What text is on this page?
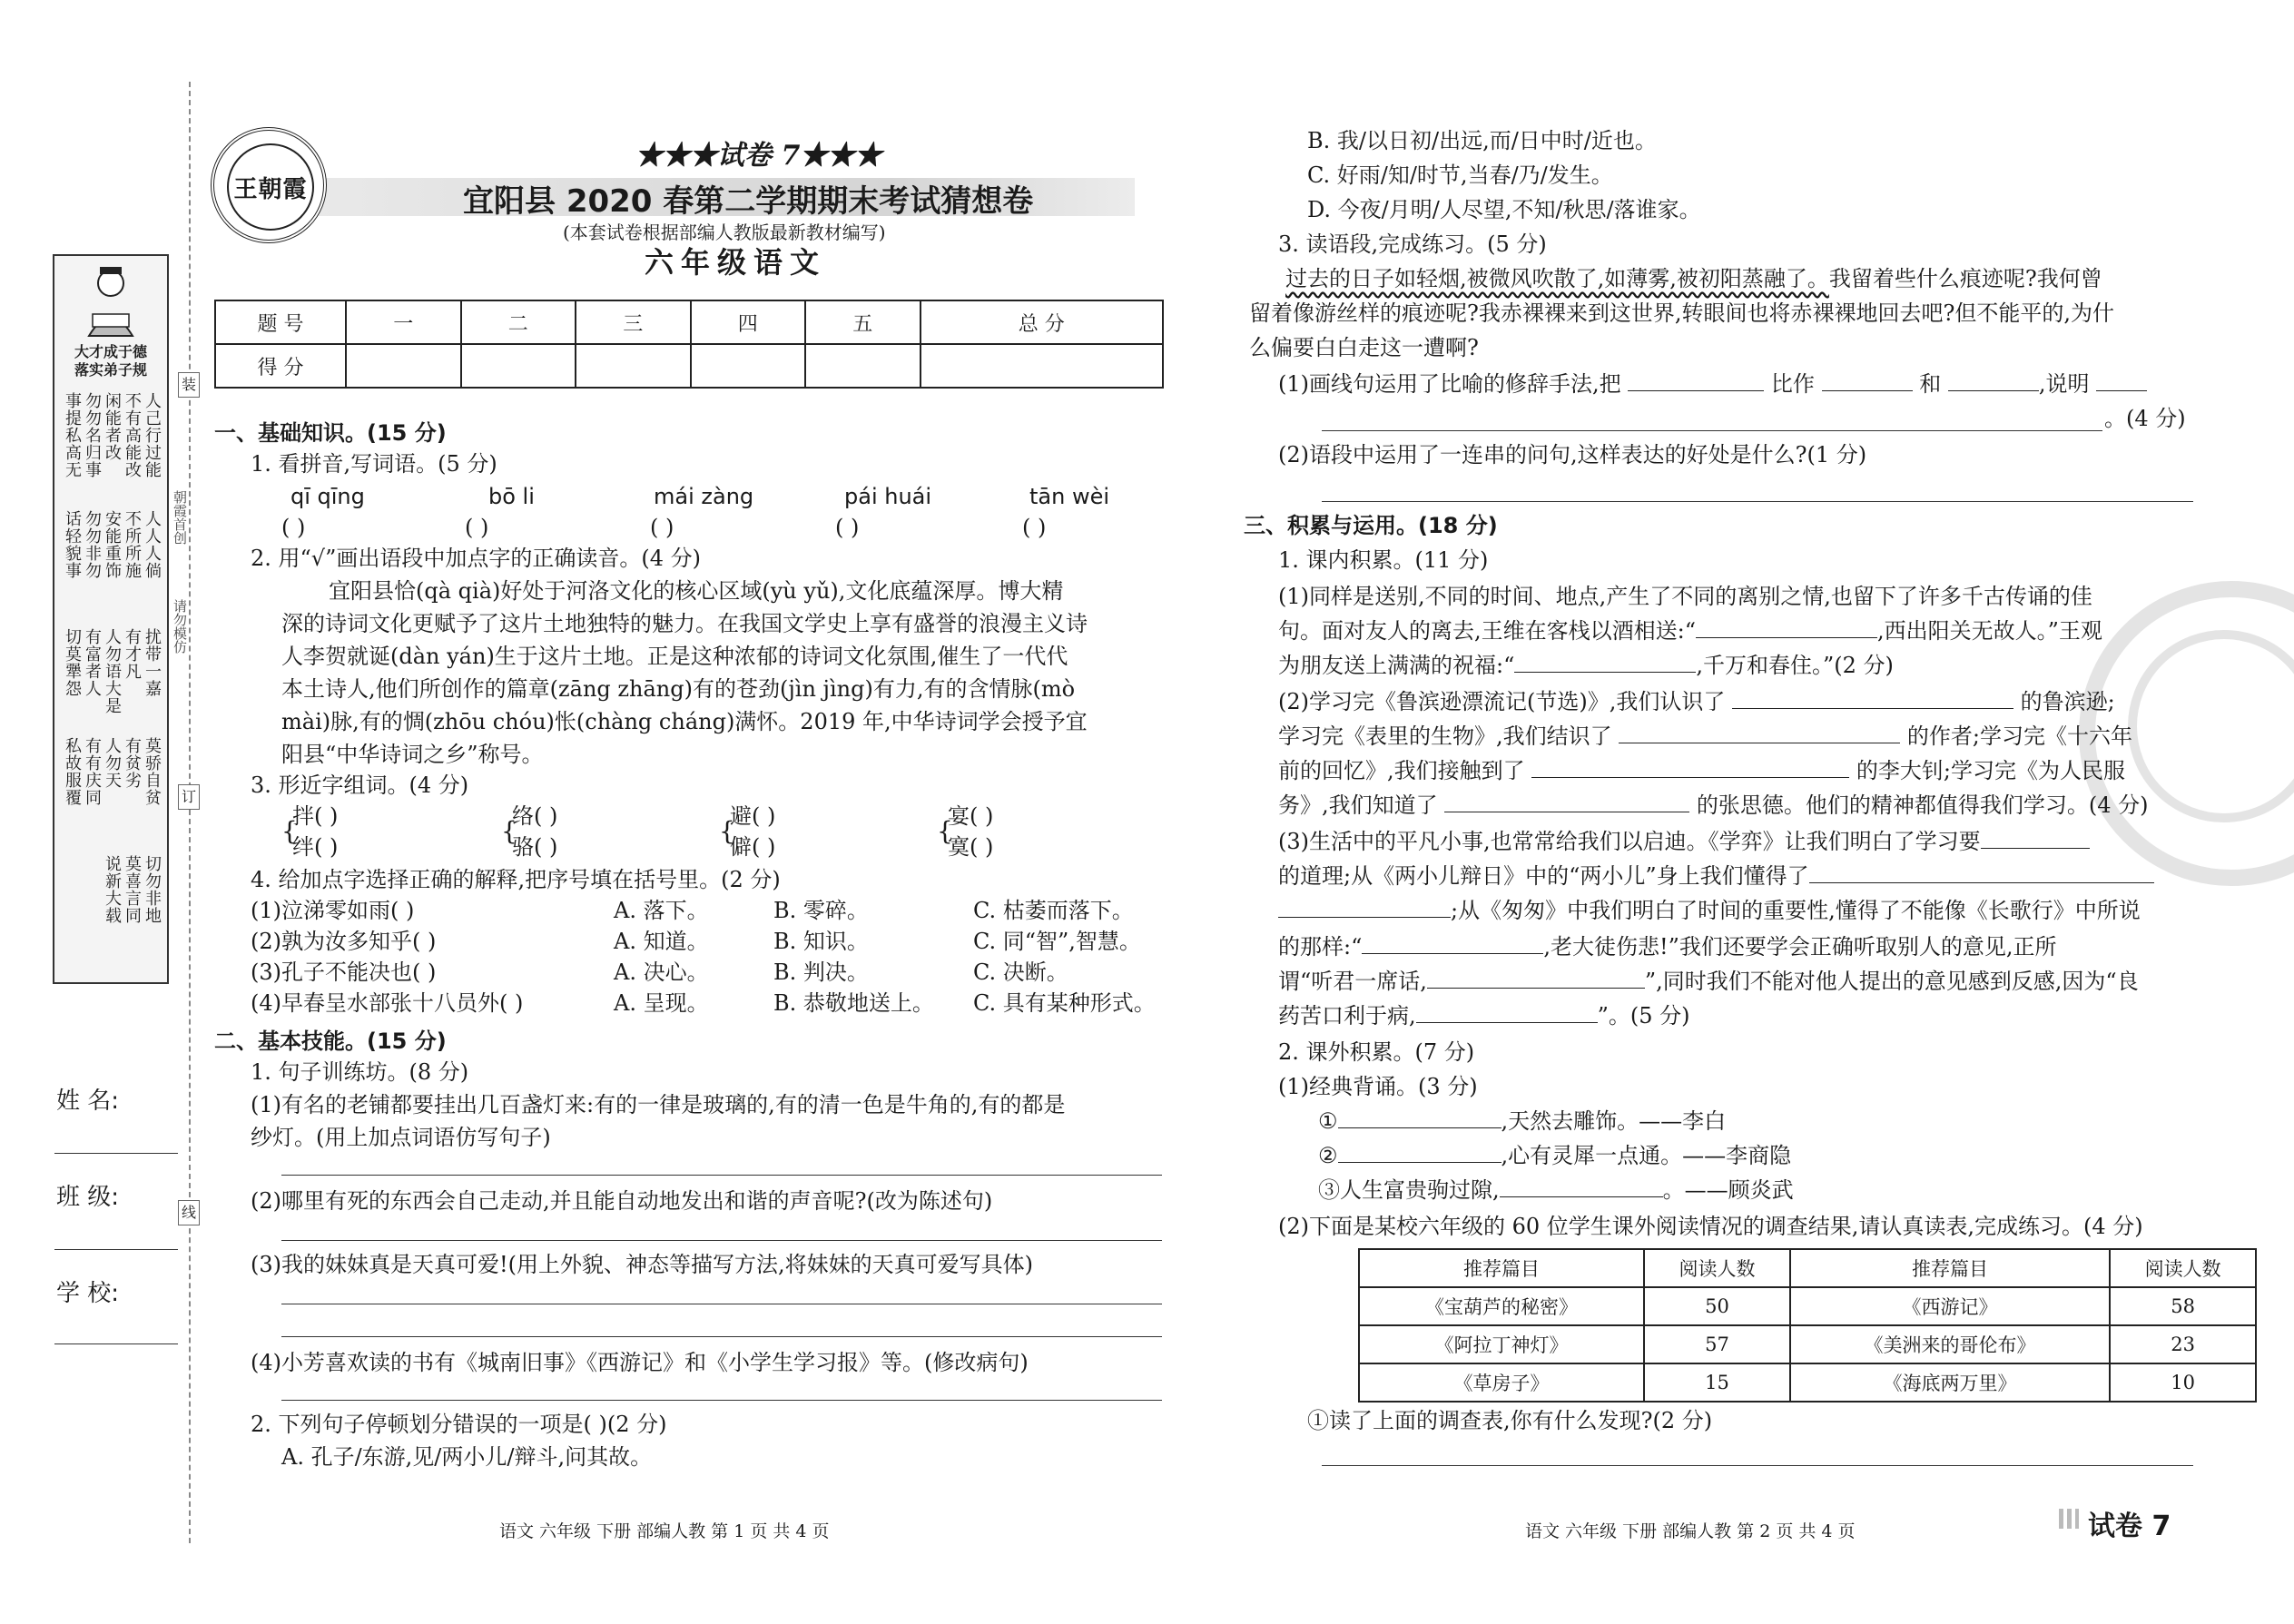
大才成于德
落实弟子规
人己行过能
不有高能改
闲能者改
勿勿名归事
事提私高无
人人人倘
不所所施
安能重饰
勿勿非勿
话轻貌事
扰带一嘉
有才凡
人勿语大是
有富者人
切莫犟怨
莫骄自贫
有贫劣
人勿天
有有庆同
私故服覆
切勿非地
莫喜言同
说新大载
朝霞首创
请勿模仿
装
订
线
姓 名:
班 级:
学 校:
王朝霞
★★★试卷 7★★★
宜阳县 2020 春第二学期期末考试猜想卷
(本套试卷根据部编人教版最新教材编写)
六年级语文
题 号	一	二	三	四	五	总 分
得 分						
一、基础知识。(15 分)
1. 看拼音,写词语。(5 分)
qī qīng	bō li	mái zàng	pái huái	tān wèi
( )	( )	( )	( )	( )
2. 用“√”画出语段中加点字的正确读音。(4 分)
宜阳县恰(qà qià)好处于河洛文化的核心区域(yù yǔ),文化底蕴深厚。博大精
深的诗词文化更赋予了这片土地独特的魅力。在我国文学史上享有盛誉的浪漫主义诗
人李贺就诞(dàn yán)生于这片土地。正是这种浓郁的诗词文化氛围,催生了一代代
本土诗人,他们所创作的篇章(zāng zhāng)有的苍劲(jìn jìng)有力,有的含情脉(mò
mài)脉,有的惆(zhōu chóu)怅(chàng cháng)满怀。2019 年,中华诗词学会授予宜
阳县“中华诗词之乡”称号。
3. 形近字组词。(4 分)
{
拌( )
绊( )
{
络( )
骆( )
{
避( )
僻( )
{
宴( )
寞( )
4. 给加点字选择正确的解释,把序号填在括号里。(2 分)
(1)泣涕零如雨( )	A. 落下。	B. 零碎。	C. 枯萎而落下。
(2)孰为汝多知乎( )	A. 知道。	B. 知识。	C. 同“智”,智慧。
(3)孔子不能决也( )	A. 决心。	B. 判决。	C. 决断。
(4)早春呈水部张十八员外( )	A. 呈现。	B. 恭敬地送上。 C. 具有某种形式。
二、基本技能。(15 分)
1. 句子训练坊。(8 分)
(1)有名的老铺都要挂出几百盏灯来:有的一律是玻璃的,有的清一色是牛角的,有的都是
纱灯。(用上加点词语仿写句子)
(2)哪里有死的东西会自己走动,并且能自动地发出和谐的声音呢?(改为陈述句)
(3)我的妹妹真是天真可爱!(用上外貌、神态等描写方法,将妹妹的天真可爱写具体)
(4)小芳喜欢读的书有《城南旧事》《西游记》和《小学生学习报》等。(修改病句)
2. 下列句子停顿划分错误的一项是( )(2 分)
A. 孔子/东游,见/两小儿/辩斗,问其故。
语文 六年级 下册 部编人教 第 1 页 共 4 页
B. 我/以日初/出远,而/日中时/近也。
C. 好雨/知/时节,当春/乃/发生。
D. 今夜/月明/人尽望,不知/秋思/落谁家。
3. 读语段,完成练习。(5 分)
过去的日子如轻烟,被微风吹散了,如薄雾,被初阳蒸融了。我留着些什么痕迹呢?我何曾
留着像游丝样的痕迹呢?我赤裸裸来到这世界,转眼间也将赤裸裸地回去吧?但不能平的,为什
么偏要白白走这一遭啊?
(1)画线句运用了比喻的修辞手法,把	比作	和	,说明
。(4 分)
(2)语段中运用了一连串的问句,这样表达的好处是什么?(1 分)
三、积累与运用。(18 分)
1. 课内积累。(11 分)
(1)同样是送别,不同的时间、地点,产生了不同的离别之情,也留下了许多千古传诵的佳
句。面对友人的离去,王维在客栈以酒相送:“	,西出阳关无故人。”王观
为朋友送上满满的祝福:“	,千万和春住。”(2 分)
(2)学习完《鲁滨逊漂流记(节选)》,我们认识了	的鲁滨逊;
学习完《表里的生物》,我们结识了	的作者;学习完《十六年
前的回忆》,我们接触到了	的李大钊;学习完《为人民服
务》,我们知道了	的张思德。他们的精神都值得我们学习。(4 分)
(3)生活中的平凡小事,也常常给我们以启迪。《学弈》让我们明白了学习要
的道理;从《两小儿辩日》中的“两小儿”身上我们懂得了
;从《匆匆》中我们明白了时间的重要性,懂得了不能像《长歌行》中所说
的那样:“	,老大徒伤悲!”我们还要学会正确听取别人的意见,正所
谓“听君一席话,	”,同时我们不能对他人提出的意见感到反感,因为“良
药苦口利于病,	”。(5 分)
2. 课外积累。(7 分)
(1)经典背诵。(3 分)
①	,天然去雕饰。——李白
②	,心有灵犀一点通。——李商隐
③人生富贵驹过隙,	。——顾炎武
(2)下面是某校六年级的 60 位学生课外阅读情况的调查结果,请认真读表,完成练习。(4 分)
推荐篇目	阅读人数	推荐篇目	阅读人数
《宝葫芦的秘密》	50	《西游记》	58
《阿拉丁神灯》	57	《美洲来的哥伦布》	23
《草房子》	15	《海底两万里》	10
①读了上面的调查表,你有什么发现?(2 分)
语文 六年级 下册 部编人教 第 2 页 共 4 页	试卷 7
